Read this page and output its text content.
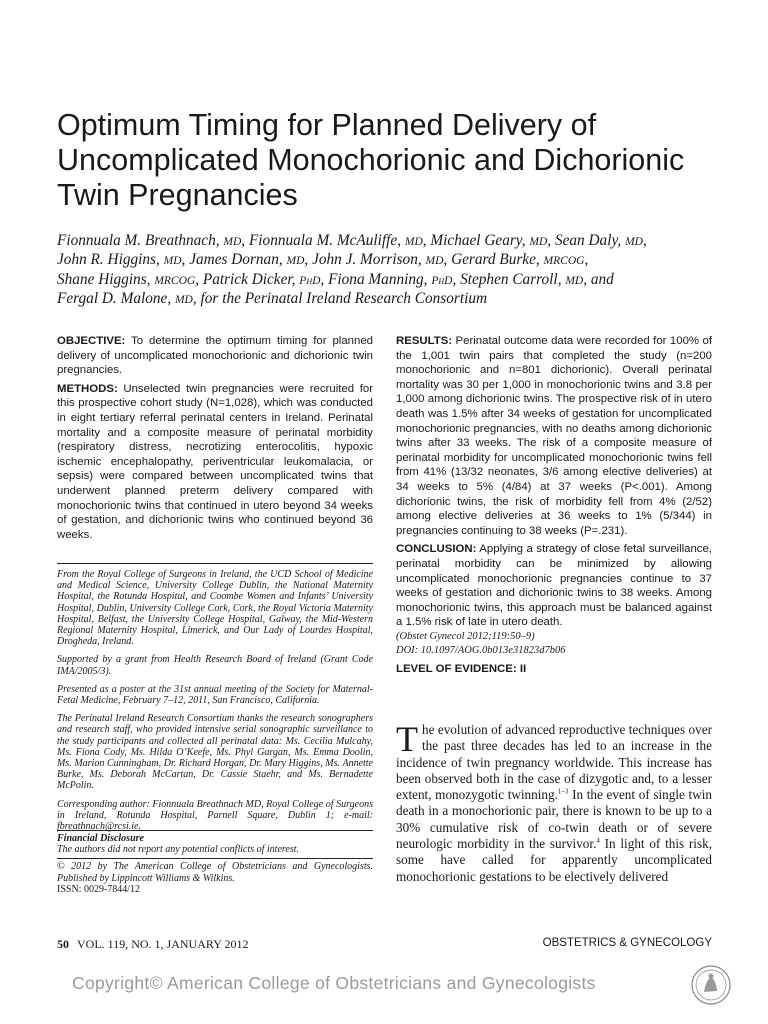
Optimum Timing for Planned Delivery of Uncomplicated Monochorionic and Dichorionic Twin Pregnancies

Fionnuala M. Breathnach, MD, Fionnuala M. McAuliffe, MD, Michael Geary, MD, Sean Daly, MD,
John R. Higgins, MD, James Dornan, MD, John J. Morrison, MD, Gerard Burke, MRCOG,
Shane Higgins, MRCOG, Patrick Dicker, PhD, Fiona Manning, PhD, Stephen Carroll, MD, and
Fergal D. Malone, MD, for the Perinatal Ireland Research Consortium

OBJECTIVE: To determine the optimum timing for planned delivery of uncomplicated monochorionic and dichorionic twin pregnancies.

METHODS: Unselected twin pregnancies were recruited for this prospective cohort study (N=1,028), which was conducted in eight tertiary referral perinatal centers in Ireland. Perinatal mortality and a composite measure of perinatal morbidity (respiratory distress, necrotizing enterocolitis, hypoxic ischemic encephalopathy, periventricular leukomalacia, or sepsis) were compared between uncomplicated twins that underwent planned preterm delivery compared with monochorionic twins that continued in utero beyond 34 weeks of gestation, and dichorionic twins who continued beyond 36 weeks.

From the Royal College of Surgeons in Ireland, the UCD School of Medicine and Medical Science, University College Dublin, the National Maternity Hospital, the Rotunda Hospital, and Coombe Women and Infants’ University Hospital, Dublin, University College Cork, Cork, the Royal Victoria Maternity Hospital, Belfast, the University College Hospital, Galway, the Mid-Western Regional Maternity Hospital, Limerick, and Our Lady of Lourdes Hospital, Drogheda, Ireland.

Supported by a grant from Health Research Board of Ireland (Grant Code IMA/2005/3).

Presented as a poster at the 31st annual meeting of the Society for Maternal-Fetal Medicine, February 7–12, 2011, San Francisco, California.

The Perinatal Ireland Research Consortium thanks the research sonographers and research staff, who provided intensive serial sonographic surveillance to the study participants and collected all perinatal data: Ms. Cecilia Mulcahy, Ms. Fiona Cody, Ms. Hilda O’Keefe, Ms. Phyl Gargan, Ms. Emma Doolin, Ms. Marion Cunningham, Dr. Richard Horgan, Dr. Mary Higgins, Ms. Annette Burke, Ms. Deborah McCartan, Dr. Cassie Staehr, and Ms. Bernadette McPolin.

Corresponding author: Fionnuala Breathnach MD, Royal College of Surgeons in Ireland, Rotunda Hospital, Parnell Square, Dublin 1; e-mail: fbreathnach@rcsi.ie.

Financial Disclosure

The authors did not report any potential conflicts of interest.

© 2012 by The American College of Obstetricians and Gynecologists. Published by Lippincott Williams & Wilkins.

ISSN: 0029-7844/12

RESULTS: Perinatal outcome data were recorded for 100% of the 1,001 twin pairs that completed the study (n=200 monochorionic and n=801 dichorionic). Overall perinatal mortality was 30 per 1,000 in monochorionic twins and 3.8 per 1,000 among dichorionic twins. The prospective risk of in utero death was 1.5% after 34 weeks of gestation for uncomplicated monochorionic pregnancies, with no deaths among dichorionic twins after 33 weeks. The risk of a composite measure of perinatal morbidity for uncomplicated monochorionic twins fell from 41% (13/32 neonates, 3/6 among elective deliveries) at 34 weeks to 5% (4/84) at 37 weeks (P<.001). Among dichorionic twins, the risk of morbidity fell from 4% (2/52) among elective deliveries at 36 weeks to 1% (5/344) in pregnancies continuing to 38 weeks (P=.231).

CONCLUSION: Applying a strategy of close fetal surveillance, perinatal morbidity can be minimized by allowing uncomplicated monochorionic pregnancies continue to 37 weeks of gestation and dichorionic twins to 38 weeks. Among monochorionic twins, this approach must be balanced against a 1.5% risk of late in utero death.

(Obstet Gynecol 2012;119:50–9)

DOI: 10.1097/AOG.0b013e31823d7b06

LEVEL OF EVIDENCE: II

The evolution of advanced reproductive techniques over the past three decades has led to an increase in the incidence of twin pregnancy worldwide. This increase has been observed both in the case of dizygotic and, to a lesser extent, monozygotic twinning.$^{1-3}$ In the event of single twin death in a monochorionic pair, there is known to be up to a 30% cumulative risk of co-twin death or of severe neurologic morbidity in the survivor.$^4$ In light of this risk, some have called for apparently uncomplicated monochorionic gestations to be electively delivered

50 VOL. 119, NO. 1, JANUARY 2012	OBSTETRICS & GYNECOLOGY
Copyright© American College of Obstetricians and Gynecologists
